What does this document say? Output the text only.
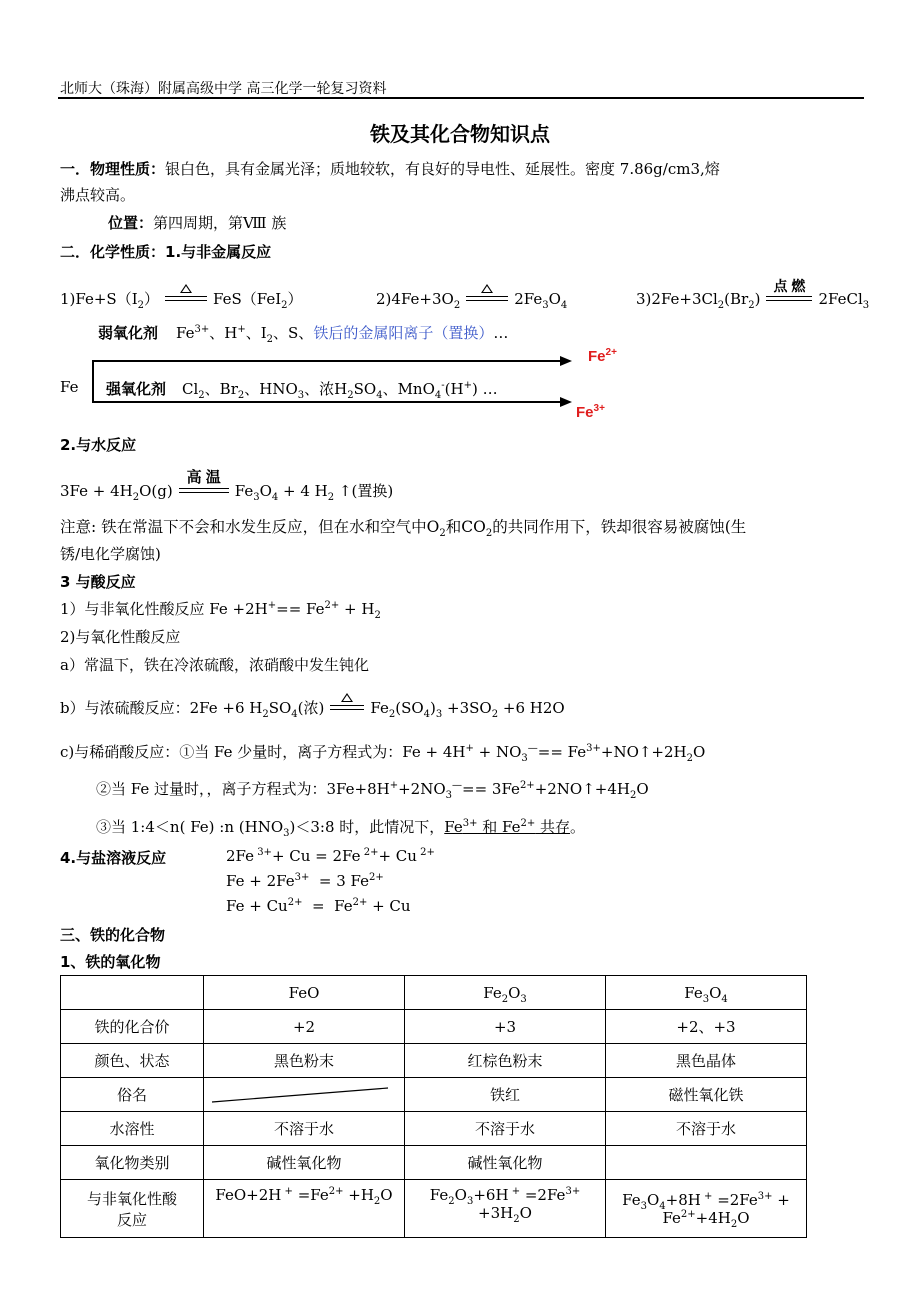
北师大（珠海）附属高级中学 高三化学一轮复习资料
铁及其化合物知识点
一．物理性质：银白色，具有金属光泽；质地较软，有良好的导电性、延展性。密度 7.86g/cm3,熔
沸点较高。
位置：第四周期，第Ⅷ 族
二．化学性质：1.与非金属反应
$1)Fe+S(I_2)$	FeS（FeI$_2$）	$2)4Fe+3O_2$	$2Fe_3O_4$	$3)2Fe+3Cl_2(Br_2)$
点 燃
2FeCl$_3$
弱氧化剂 $Fe^{3+}$、H+、$I_2$、S、铁后的金属阳离子（置换）…
Fe
$Fe^{2+}$
$Fe^{3+}$
强氧化剂 $Cl_2$、$Br_2$、$HNO_3$、浓$H_2SO_4$、MnO$_4$-(H+) …
2.与水反应
$3Fe + 4H_2O(g)$
高 温
$Fe_3O_4 + 4$ $H_2$ ↑(置换)
注意: 铁在常温下不会和水发生反应，但在水和空气中$O_2$和$CO_2$的共同作用下，铁却很容易被腐蚀(生
锈/电化学腐蚀)
3 与酸反应
1）与非氧化性酸反应 $Fe +2H^+== Fe^{2+} + H_2$
2)与氧化性酸反应
a）常温下，铁在冷浓硫酸，浓硝酸中发生钝化
b）与浓硫酸反应：2Fe +6 $H_2SO_4$(浓)	$Fe_2(SO_4)_3 +3SO_2 +6$ H2O
c)与稀硝酸反应：①当 Fe 少量时，离子方程式为：$Fe + 4H^+ + NO_3^—==$ $Fe^{3+}+NO↑+2H_2O$
②当 Fe 过量时，，离子方程式为：$3Fe+8H^++2NO_3^—==$ $3Fe^{2+}+2NO↑+4H_2O$
③当 1:4＜n( Fe) :n $(HNO_3)<3:8$ 时，此情况下，$Fe^{3+}$ 和 $Fe^{2+}$ 共存。
4.与盐溶液反应	2Fe $^{3+}$+ Cu = 2Fe $^{2+}$+ Cu $^{2+}$
$Fe + 2Fe^{3+} = 3$ $Fe^{2+}$
$Fe + Cu^{2+} = Fe^{2+} + Cu$
三、铁的化合物
1、铁的氧化物
	FeO	$Fe_2O_3$	$Fe_3O_4$
铁的化合价	+2	+3	+2、+3
颜色、状态	黑色粉末	红棕色粉末	黑色晶体
俗名		铁红	磁性氧化铁
水溶性	不溶于水	不溶于水	不溶于水
氧化物类别	碱性氧化物	碱性氧化物	
与非氧化性酸
反应	FeO+2H $^+ =Fe^{2+} +H_2O$	$Fe_2O_3+6H$ $^+ =2Fe^{3+} +3H_2O$	$Fe_3O_4+8H$ $^+ =2Fe^{3+}$ +
$Fe^{2+}+4H_2O$
